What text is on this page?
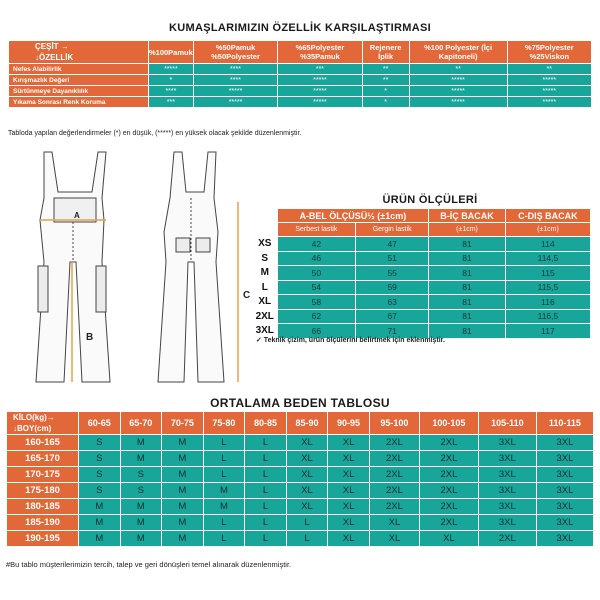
KUMAŞLARIMIZIN ÖZELLİK KARŞILAŞTIRMASI
ÇEŞİT →
↓ÖZELLİK	%100Pamuk	%50Pamuk %50Polyester	%65Polyester %35Pamuk	Rejenere İplik	%100 Polyester (İçi Kapitoneli)	%75Polyester %25Viskon
Nefes Alabilirlik	*****	****	***	**	**	**
Kırışmazlık Değeri	*	****	*****	**	*****	*****
Sürtünmeye Dayanıklılık	****	*****	*****	*	*****	*****
Yıkama Sonrası Renk Koruma	***	*****	*****	*	*****	*****
Tabloda yapılan değerlendirmeler (*) en düşük, (*****) en yüksek olacak şekilde düzenlenmiştir.
A
B
C
ÜRÜN ÖLÇÜLERİ
	A-BEL ÖLÇÜSÜ½ (±1cm)		B-İÇ BACAK	C-DIŞ BACAK
	Serbest lastik	Gergin lastik	(±1cm)	(±1cm)
XS	42	47	81	114
S	46	51	81	114,5
M	50	55	81	115
L	54	59	81	115,5
XL	58	63	81	116
2XL	62	67	81	116,5
3XL	66	71	81	117
✓ Teknik çizim, ürün ölçülerini belirtmek için eklenmiştir.
ORTALAMA BEDEN TABLOSU
KİLO(kg)→
↓BOY(cm)	60-65	65-70	70-75	75-80	80-85	85-90	90-95	95-100	100-105	105-110	110-115
160-165	S	M	M	L	L	XL	XL	2XL	2XL	3XL	3XL
165-170	S	M	M	L	L	XL	XL	2XL	2XL	3XL	3XL
170-175	S	S	M	L	L	XL	XL	2XL	2XL	3XL	3XL
175-180	S	S	M	M	L	XL	XL	2XL	2XL	3XL	3XL
180-185	M	M	M	M	L	XL	XL	2XL	2XL	3XL	3XL
185-190	M	M	M	L	L	L	XL	XL	2XL	3XL	3XL
190-195	M	M	M	L	L	L	XL	XL	XL	2XL	3XL
#Bu tablo müşterilerimizin tercih, talep ve geri dönüşleri temel alınarak düzenlenmiştir.
